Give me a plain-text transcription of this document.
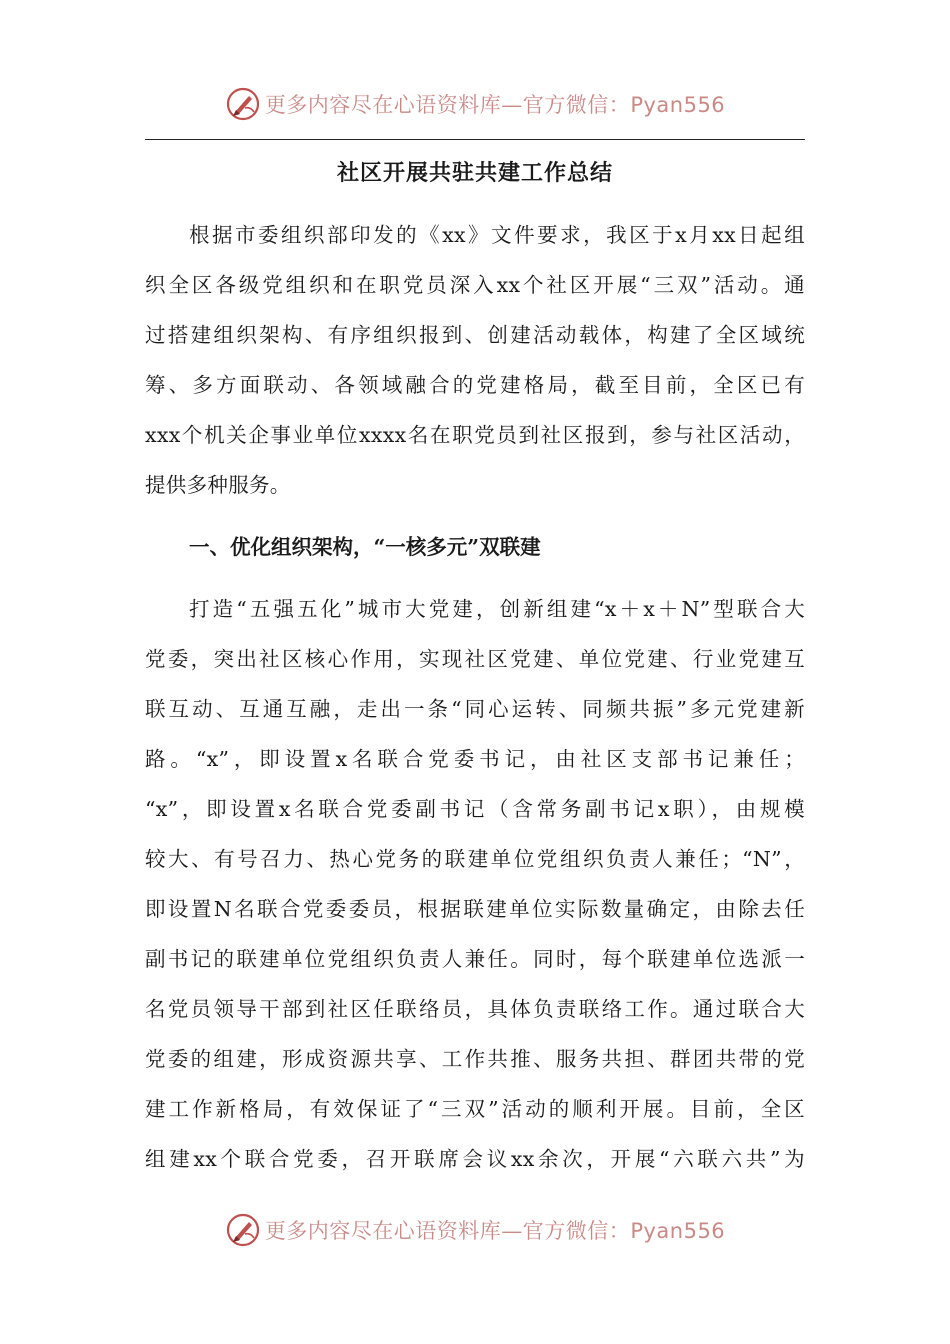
更多内容尽在心语资料库—官方微信：Pyan556
社区开展共驻共建工作总结
根据市委组织部印发的《xx》文件要求，我区于x月xx日起组
织全区各级党组织和在职党员深入xx个社区开展“三双”活动。通
过搭建组织架构、有序组织报到、创建活动载体，构建了全区域统
筹、多方面联动、各领域融合的党建格局，截至目前，全区已有
xxx个机关企事业单位xxxx名在职党员到社区报到，参与社区活动，
提供多种服务。
一、优化组织架构，“一核多元”双联建
打造“五强五化”城市大党建，创新组建“x＋x＋N”型联合大
党委，突出社区核心作用，实现社区党建、单位党建、行业党建互
联互动、互通互融，走出一条“同心运转、同频共振”多元党建新
路。“x”，即设置x名联合党委书记，由社区支部书记兼任；
“x”，即设置x名联合党委副书记（含常务副书记x职），由规模
较大、有号召力、热心党务的联建单位党组织负责人兼任；“N”，
即设置N名联合党委委员，根据联建单位实际数量确定，由除去任
副书记的联建单位党组织负责人兼任。同时，每个联建单位选派一
名党员领导干部到社区任联络员，具体负责联络工作。通过联合大
党委的组建，形成资源共享、工作共推、服务共担、群团共带的党
建工作新格局，有效保证了“三双”活动的顺利开展。目前，全区
组建xx个联合党委，召开联席会议xx余次，开展“六联六共”为
更多内容尽在心语资料库—官方微信：Pyan556
